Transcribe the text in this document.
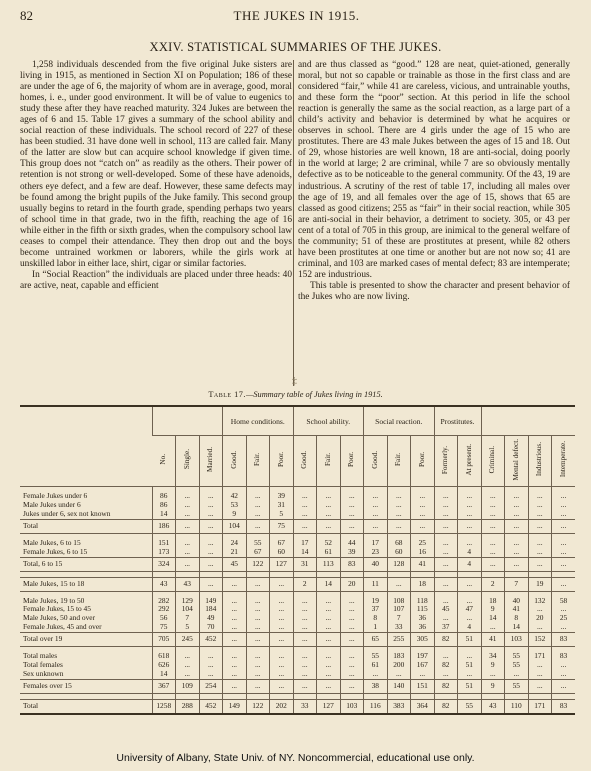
82	THE JUKES IN 1915.
XXIV. STATISTICAL SUMMARIES OF THE JUKES.

1,258 individuals descended from the five original Juke sisters are living in 1915, as mentioned in Section XI on Population; 186 of these are under the age of 6, the majority of whom are in average, good, moral homes, i. e., under good environment. It will be of value to eugenics to study these after they have reached maturity. 324 Jukes are between the ages of 6 and 15. Table 17 gives a summary of the school ability and social reaction of these individuals. The school record of 227 of these has been studied. 31 have done well in school, 113 are called fair. Many of the latter are slow but can acquire school knowledge if given time. This group does not “catch on” as readily as the others. Their power of retention is not strong or well-developed. Some of these have adenoids, others eye defect, and a few are deaf. However, these same defects may be found among the bright pupils of the Juke family. This second group usually begins to retard in the fourth grade, spending perhaps two years of school time in that grade, two in the fifth, reaching the age of 16 while either in the fifth or sixth grades, when the compulsory school law ceases to compel their attendance. They then drop out and the boys become untrained workmen or laborers, while the girls work at unskilled labor in either lace, shirt, cigar or similar factories.

In “Social Reaction” the individuals are placed under three heads: 40 are active, neat, capable and efficient

and are thus classed as “good.” 128 are neat, quiet-ationed, generally moral, but not so capable or trainable as those in the first class and are considered “fair,” while 41 are careless, vicious, and untrainable youths, and these form the “poor” section. At this period in life the school reaction is generally the same as the social reaction, as a large part of a child’s activity and behavior is determined by what he acquires or observes in school. There are 4 girls under the age of 15 who are prostitutes. There are 43 male Jukes between the ages of 15 and 18. Out of 29, whose histories are well known, 18 are anti-social, doing poorly in the world at large; 2 are criminal, while 7 are so obviously mentally defective as to be noticeable to the general community. Of the 43, 19 are industrious. A scrutiny of the rest of table 17, including all males over the age of 19, and all females over the age of 15, shows that 65 are classed as good citizens; 255 as “fair” in their social reaction, while 305 are anti-social in their behavior, a detriment to society. 305, or 43 per cent of a total of 705 in this group, are inimical to the general welfare of the community; 51 of these are prostitutes at present, while 82 others have been prostitutes at one time or another but are not now so; 41 are criminal, and 103 are marked cases of mental defect; 83 are intemperate; 152 are industrious.

This table is presented to show the character and present behavior of the Jukes who are now living.

‡
Table 17.—Summary table of Jukes living in 1915.
				Home conditions.			School ability.			Social reaction.			Prostitutes.					
	No.	Single.	Married.	Good.	Fair.	Poor.	Good.	Fair.	Poor.	Good.	Fair.	Poor.	Formerly.	At present.	Criminal.	Mental defect.	Industrious.	Intemperate.

Female Jukes under 6	86	...	...	42	...	39	...	...	...	...	...	...	...	...	...	...	...	...
Male Jukes under 6	86	...	...	53	...	31	...	...	...	...	...	...	...	...	...	...	...	...
Jukes under 6, sex not known	14	...	...	9	...	5	...	...	...	...	...	...	...	...	...	...	...	...
Total	186	...	...	104	...	75	...	...	...	...	...	...	...	...	...	...	...	...

Male Jukes, 6 to 15	151	...	...	24	55	67	17	52	44	17	68	25	...	...	...	...	...	...
Female Jukes, 6 to 15	173	...	...	21	67	60	14	61	39	23	60	16	...	4	...	...	...	...
Total, 6 to 15	324	...	...	45	122	127	31	113	83	40	128	41	...	4	...	...	...	...

Male Jukes, 15 to 18	43	43	...	...	...	...	2	14	20	11	...	18	...	...	2	7	19	...

Male Jukes, 19 to 50	282	129	149	...	...	...	...	...	...	19	108	118	...	...	18	40	132	58
Female Jukes, 15 to 45	292	104	184	...	...	...	...	...	...	37	107	115	45	47	9	41	...	...
Male Jukes, 50 and over	56	7	49	...	...	...	...	...	...	8	7	36	...	...	14	8	20	25
Female Jukes, 45 and over	75	5	70	...	...	...	...	...	...	1	33	36	37	4	...	14	...	...
Total over 19	705	245	452	...	...	...	...	...	...	65	255	305	82	51	41	103	152	83

Total males	618	...	...	...	...	...	...	...	...	55	183	197	...	...	34	55	171	83
Total females	626	...	...	...	...	...	...	...	...	61	200	167	82	51	9	55	...	...
Sex unknown	14	...	...	...	...	...	...	...	...	...	...	...	...	...	...	...	...	...
Females over 15	367	109	254	...	...	...	...	...	...	38	140	151	82	51	9	55	...	...

Total	1258	288	452	149	122	202	33	127	103	116	383	364	82	55	43	110	171	83
University of Albany, State Univ. of NY. Noncommercial, educational use only.
